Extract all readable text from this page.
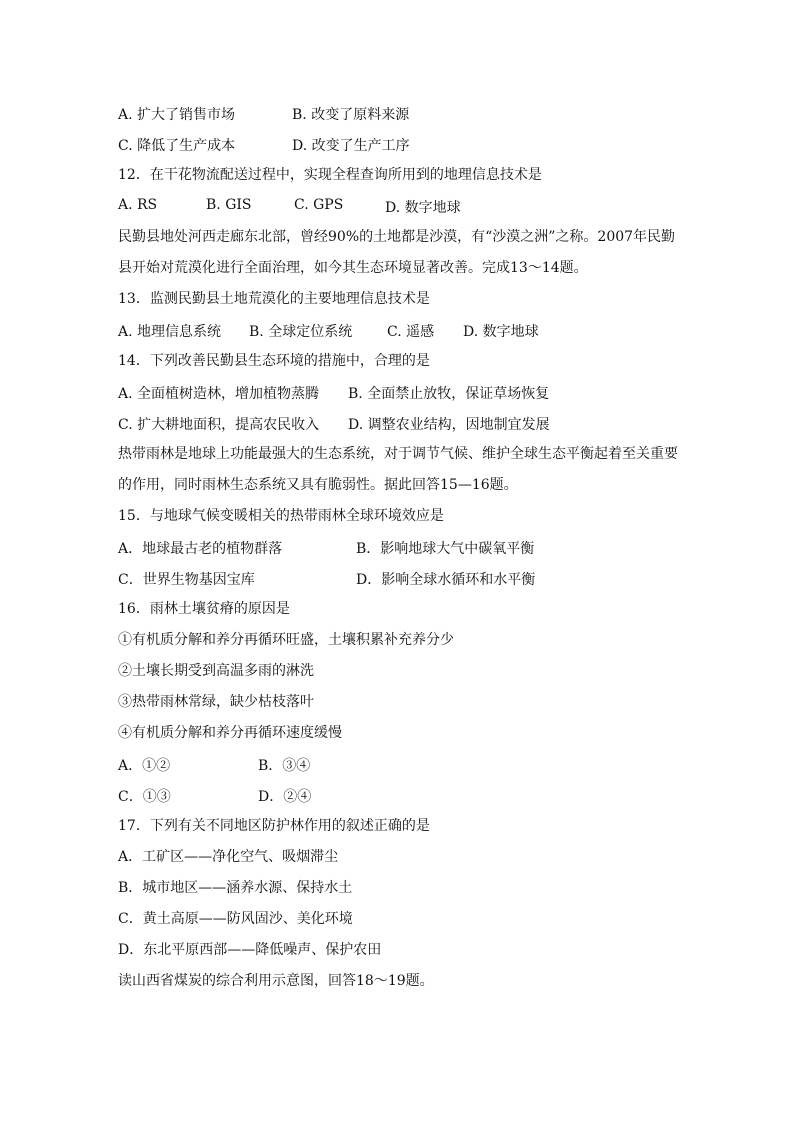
A. 扩大了销售市场	B. 改变了原料来源
C. 降低了生产成本	D. 改变了生产工序
12．在干花物流配送过程中，实现全程查询所用到的地理信息技术是
A. RS	B. GIS	C. GPS	D. 数字地球
民勤县地处河西走廊东北部，曾经90%的土地都是沙漠，有“沙漠之洲”之称。2007年民勤
县开始对荒漠化进行全面治理，如今其生态环境显著改善。完成13～14题。
13．监测民勤县土地荒漠化的主要地理信息技术是
A. 地理信息系统 B. 全球定位系统 C. 遥感 D. 数字地球
14．下列改善民勤县生态环境的措施中，合理的是
A. 全面植树造林，增加植物蒸腾 B. 全面禁止放牧，保证草场恢复
C. 扩大耕地面积，提高农民收入 D. 调整农业结构，因地制宜发展
热带雨林是地球上功能最强大的生态系统，对于调节气候、维护全球生态平衡起着至关重要
的作用，同时雨林生态系统又具有脆弱性。据此回答15—16题。
15．与地球气候变暖相关的热带雨林全球环境效应是
A．地球最古老的植物群落	B．影响地球大气中碳氧平衡
C．世界生物基因宝库	D．影响全球水循环和水平衡
16．雨林土壤贫瘠的原因是
①有机质分解和养分再循环旺盛，土壤积累补充养分少
②土壤长期受到高温多雨的淋洗
③热带雨林常绿，缺少枯枝落叶
④有机质分解和养分再循环速度缓慢
A．①②	B．③④
C．①③	D．②④
17．下列有关不同地区防护林作用的叙述正确的是
A．工矿区——净化空气、吸烟滞尘
B．城市地区——涵养水源、保持水土
C．黄土高原——防风固沙、美化环境
D．东北平原西部——降低噪声、保护农田
读山西省煤炭的综合利用示意图，回答18～19题。
